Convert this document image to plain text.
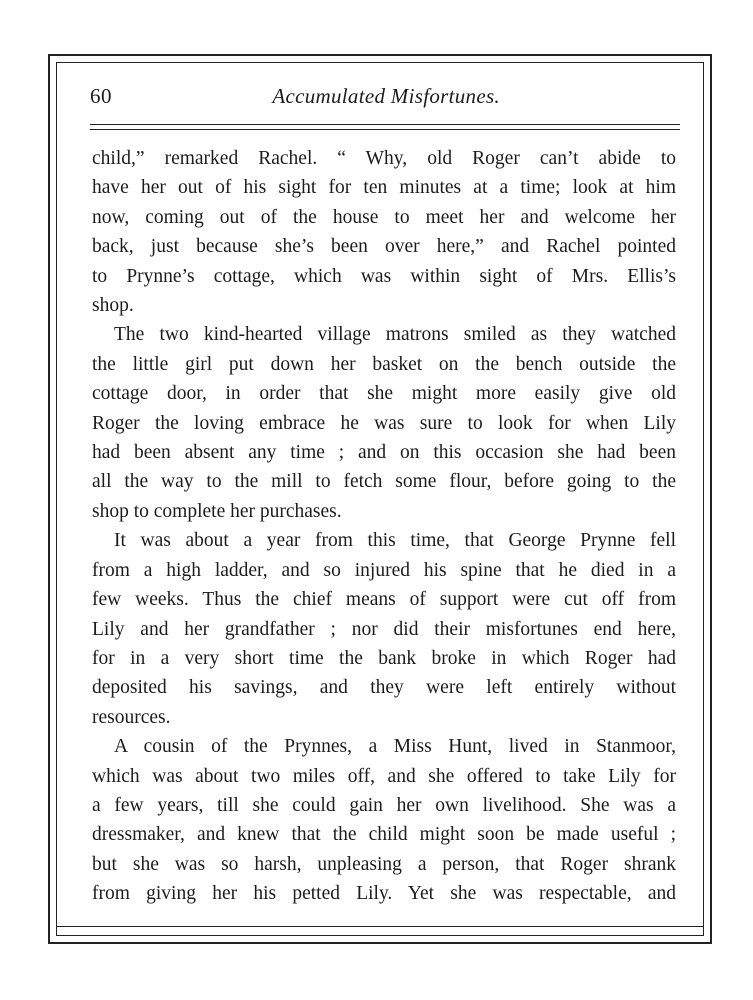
60	Accumulated Misfortunes.
child,” remarked Rachel. “ Why, old Roger can’t abide to
have her out of his sight for ten minutes at a time; look at him
now, coming out of the house to meet her and welcome her
back, just because she’s been over here,” and Rachel pointed
to Prynne’s cottage, which was within sight of Mrs. Ellis’s
shop.
The two kind-hearted village matrons smiled as they watched
the little girl put down her basket on the bench outside the
cottage door, in order that she might more easily give old
Roger the loving embrace he was sure to look for when Lily
had been absent any time ; and on this occasion she had been
all the way to the mill to fetch some flour, before going to the
shop to complete her purchases.
It was about a year from this time, that George Prynne fell
from a high ladder, and so injured his spine that he died in a
few weeks. Thus the chief means of support were cut off from
Lily and her grandfather ; nor did their misfortunes end here,
for in a very short time the bank broke in which Roger had
deposited his savings, and they were left entirely without
resources.
A cousin of the Prynnes, a Miss Hunt, lived in Stanmoor,
which was about two miles off, and she offered to take Lily for
a few years, till she could gain her own livelihood. She was a
dressmaker, and knew that the child might soon be made useful ;
but she was so harsh, unpleasing a person, that Roger shrank
from giving her his petted Lily. Yet she was respectable, and
